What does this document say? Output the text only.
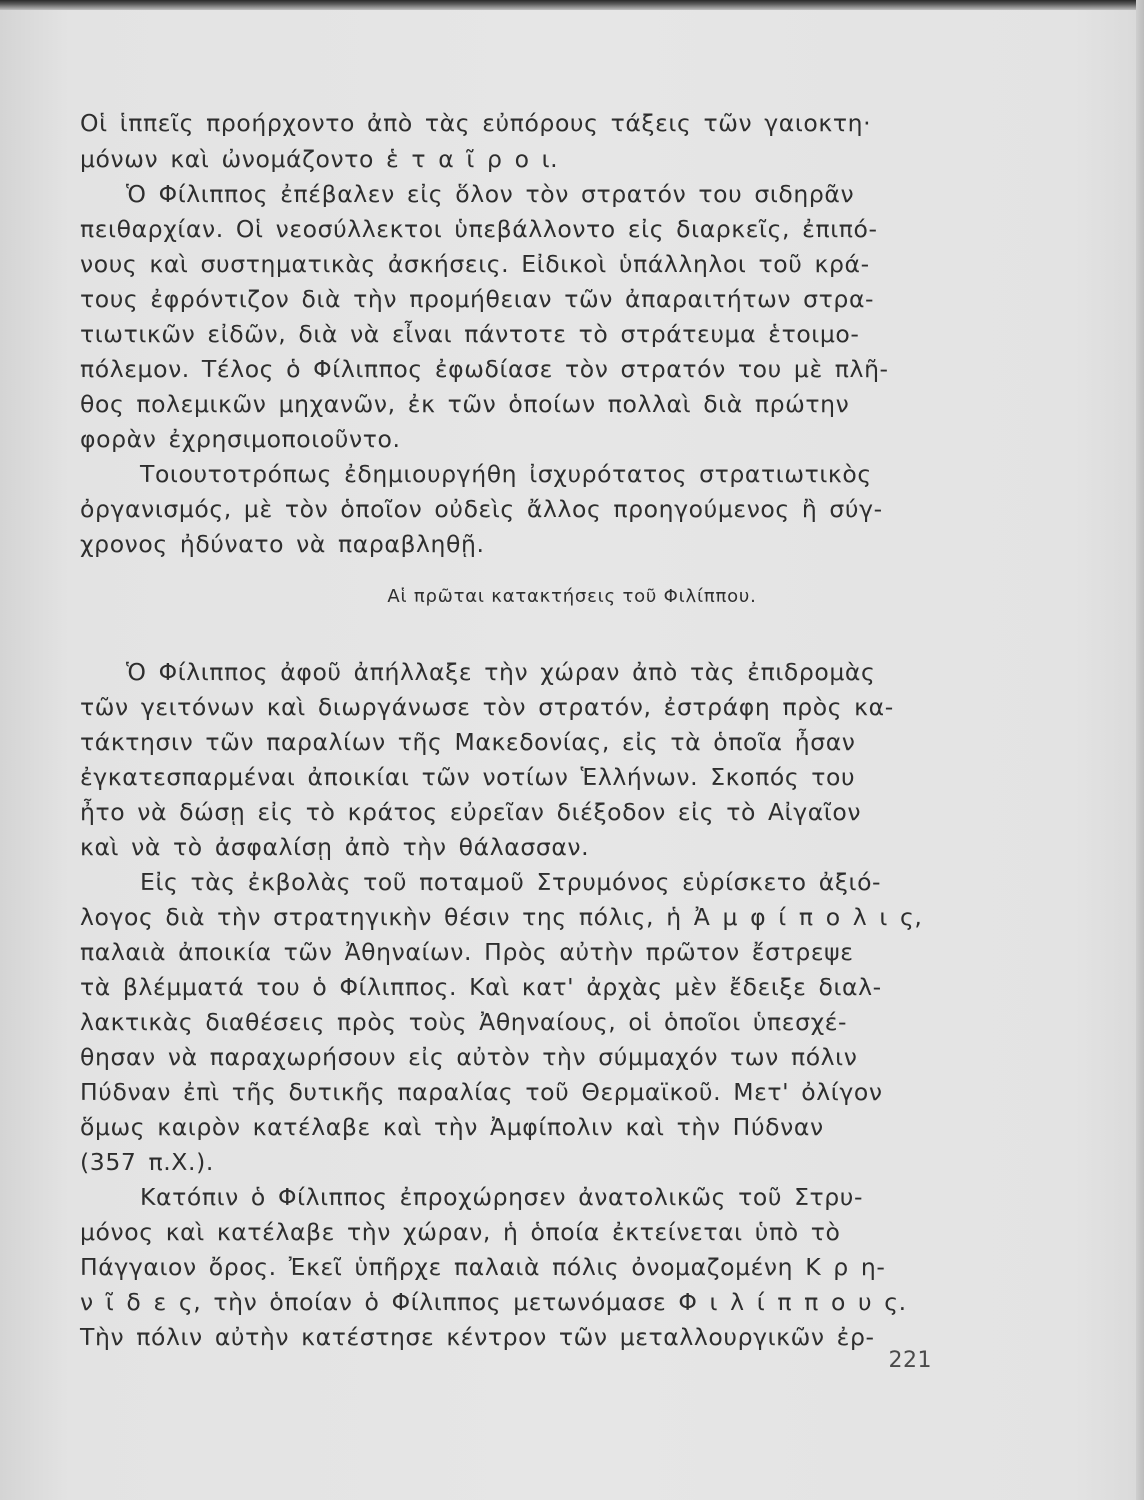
Οἱ ἱππεῖς προήρχοντο ἀπὸ τὰς εὐπόρους τάξεις τῶν γαιοκτη·
μόνων καὶ ὠνομάζοντο ἑ τ α ῖ ρ ο ι.
Ὁ Φίλιππος ἐπέβαλεν εἰς ὅλον τὸν στρατόν του σιδηρᾶν
πειθαρχίαν. Οἱ νεοσύλλεκτοι ὑπεβάλλοντο εἰς διαρκεῖς, ἐπιπό-
νους καὶ συστηματικὰς ἀσκήσεις. Εἰδικοὶ ὑπάλληλοι τοῦ κρά-
τους ἐφρόντιζον διὰ τὴν προμήθειαν τῶν ἀπαραιτήτων στρα-
τιωτικῶν εἰδῶν, διὰ νὰ εἶναι πάντοτε τὸ στράτευμα ἑτοιμο-
πόλεμον. Τέλος ὁ Φίλιππος ἐφωδίασε τὸν στρατόν του μὲ πλῆ-
θος πολεμικῶν μηχανῶν, ἐκ τῶν ὁποίων πολλαὶ διὰ πρώτην
φορὰν ἐχρησιμοποιοῦντο.
Τοιουτοτρόπως ἐδημιουργήθη ἰσχυρότατος στρατιωτικὸς
ὀργανισμός, μὲ τὸν ὁποῖον οὐδεὶς ἄλλος προηγούμενος ἢ σύγ-
χρονος ἠδύνατο νὰ παραβληθῇ.
Ὁ Φίλιππος ἀφοῦ ἀπήλλαξε τὴν χώραν ἀπὸ τὰς ἐπιδρομὰς
τῶν γειτόνων καὶ διωργάνωσε τὸν στρατόν, ἐστράφη πρὸς κα-
τάκτησιν τῶν παραλίων τῆς Μακεδονίας, εἰς τὰ ὁποῖα ἦσαν
ἐγκατεσπαρμέναι ἀποικίαι τῶν νοτίων Ἑλλήνων. Σκοπός του
ἦτο νὰ δώσῃ εἰς τὸ κράτος εὐρεῖαν διέξοδον εἰς τὸ Αἰγαῖον
καὶ νὰ τὸ ἀσφαλίσῃ ἀπὸ τὴν θάλασσαν.
Εἰς τὰς ἐκβολὰς τοῦ ποταμοῦ Στρυμόνος εὑρίσκετο ἀξιό-
λογος διὰ τὴν στρατηγικὴν θέσιν της πόλις, ἡ Ἀ μ φ ί π ο λ ι ς,
παλαιὰ ἀποικία τῶν Ἀθηναίων. Πρὸς αὐτὴν πρῶτον ἔστρεψε
τὰ βλέμματά του ὁ Φίλιππος. Καὶ κατ' ἀρχὰς μὲν ἔδειξε διαλ-
λακτικὰς διαθέσεις πρὸς τοὺς Ἀθηναίους, οἱ ὁποῖοι ὑπεσχέ-
θησαν νὰ παραχωρήσουν εἰς αὐτὸν τὴν σύμμαχόν των πόλιν
Πύδναν ἐπὶ τῆς δυτικῆς παραλίας τοῦ Θερμαϊκοῦ. Μετ' ὀλίγον
ὅμως καιρὸν κατέλαβε καὶ τὴν Ἀμφίπολιν καὶ τὴν Πύδναν
(357 π.Χ.).
Κατόπιν ὁ Φίλιππος ἐπροχώρησεν ἀνατολικῶς τοῦ Στρυ-
μόνος καὶ κατέλαβε τὴν χώραν, ἡ ὁποία ἐκτείνεται ὑπὸ τὸ
Πάγγαιον ὄρος. Ἐκεῖ ὑπῆρχε παλαιὰ πόλις ὀνομαζομένη Κ ρ η-
ν ῖ δ ε ς, τὴν ὁποίαν ὁ Φίλιππος μετωνόμασε Φ ι λ ί π π ο υ ς.
Τὴν πόλιν αὐτὴν κατέστησε κέντρον τῶν μεταλλουργικῶν ἐρ-
Αἱ πρῶται κατακτήσεις τοῦ Φιλίππου.
221
